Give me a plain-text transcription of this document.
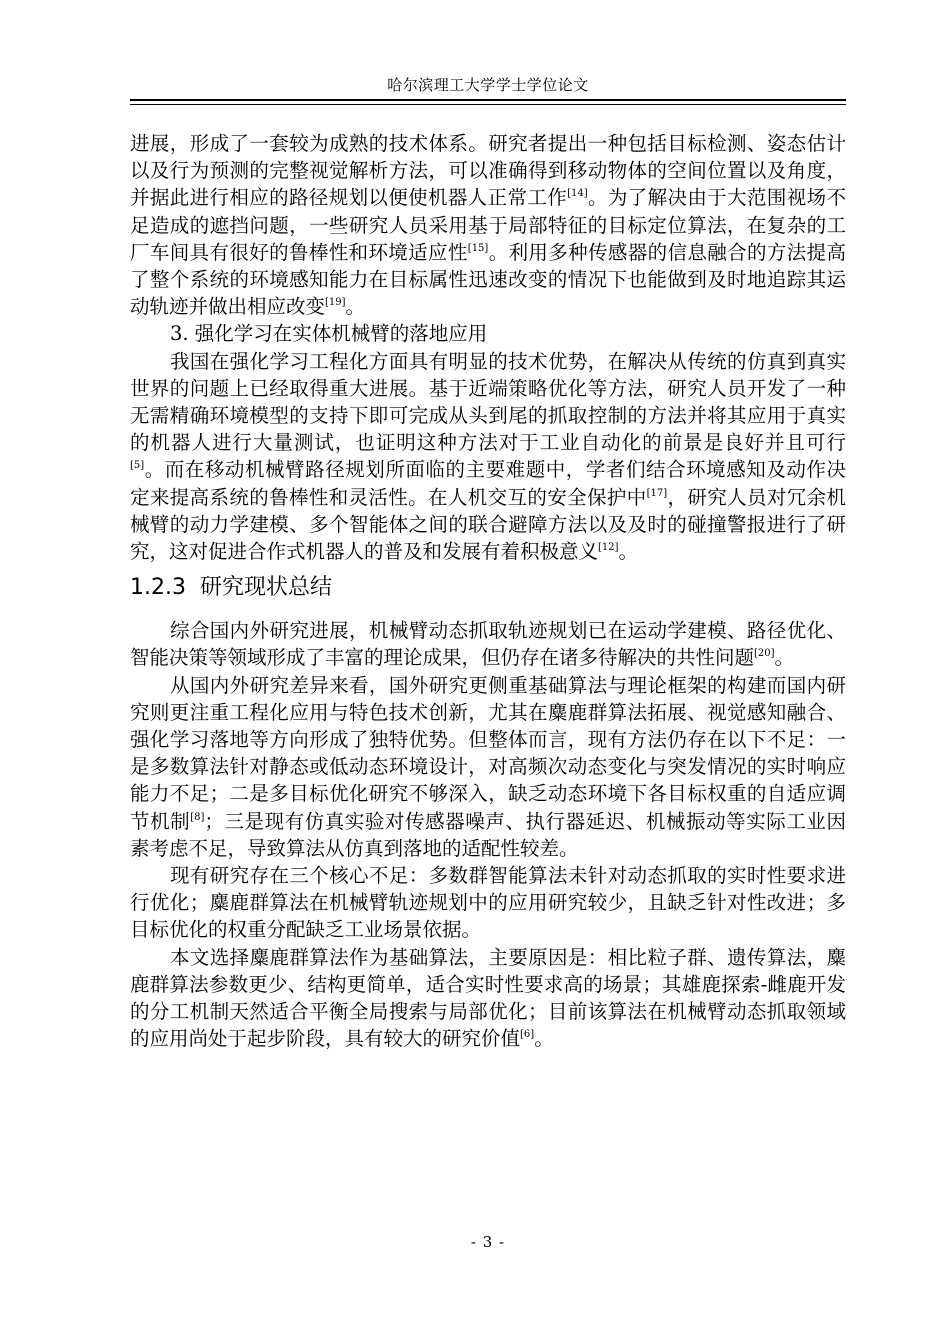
哈尔滨理工大学学士学位论文

进展，形成了一套较为成熟的技术体系。研究者提出一种包括目标检测、姿态估计以及行为预测的完整视觉解析方法，可以准确得到移动物体的空间位置以及角度，并据此进行相应的路径规划以便使机器人正常工作[14]。为了解决由于大范围视场不足造成的遮挡问题，一些研究人员采用基于局部特征的目标定位算法，在复杂的工厂车间具有很好的鲁棒性和环境适应性[15]。利用多种传感器的信息融合的方法提高了整个系统的环境感知能力在目标属性迅速改变的情况下也能做到及时地追踪其运动轨迹并做出相应改变[19]。

3. 强化学习在实体机械臂的落地应用

我国在强化学习工程化方面具有明显的技术优势，在解决从传统的仿真到真实世界的问题上已经取得重大进展。基于近端策略优化等方法，研究人员开发了一种无需精确环境模型的支持下即可完成从头到尾的抓取控制的方法并将其应用于真实的机器人进行大量测试，也证明这种方法对于工业自动化的前景是良好并且可行[5]。而在移动机械臂路径规划所面临的主要难题中，学者们结合环境感知及动作决定来提高系统的鲁棒性和灵活性。在人机交互的安全保护中[17]，研究人员对冗余机械臂的动力学建模、多个智能体之间的联合避障方法以及及时的碰撞警报进行了研究，这对促进合作式机器人的普及和发展有着积极意义[12]。

1.2.3 研究现状总结

综合国内外研究进展，机械臂动态抓取轨迹规划已在运动学建模、路径优化、智能决策等领域形成了丰富的理论成果，但仍存在诸多待解决的共性问题[20]。

从国内外研究差异来看，国外研究更侧重基础算法与理论框架的构建而国内研究则更注重工程化应用与特色技术创新，尤其在麋鹿群算法拓展、视觉感知融合、强化学习落地等方向形成了独特优势。但整体而言，现有方法仍存在以下不足：一是多数算法针对静态或低动态环境设计，对高频次动态变化与突发情况的实时响应能力不足；二是多目标优化研究不够深入，缺乏动态环境下各目标权重的自适应调节机制[8]；三是现有仿真实验对传感器噪声、执行器延迟、机械振动等实际工业因素考虑不足，导致算法从仿真到落地的适配性较差。

现有研究存在三个核心不足：多数群智能算法未针对动态抓取的实时性要求进行优化；麋鹿群算法在机械臂轨迹规划中的应用研究较少，且缺乏针对性改进；多目标优化的权重分配缺乏工业场景依据。

本文选择麋鹿群算法作为基础算法，主要原因是：相比粒子群、遗传算法，麋鹿群算法参数更少、结构更简单，适合实时性要求高的场景；其雄鹿探索-雌鹿开发的分工机制天然适合平衡全局搜索与局部优化；目前该算法在机械臂动态抓取领域的应用尚处于起步阶段，具有较大的研究价值[6]。

- 3 -
